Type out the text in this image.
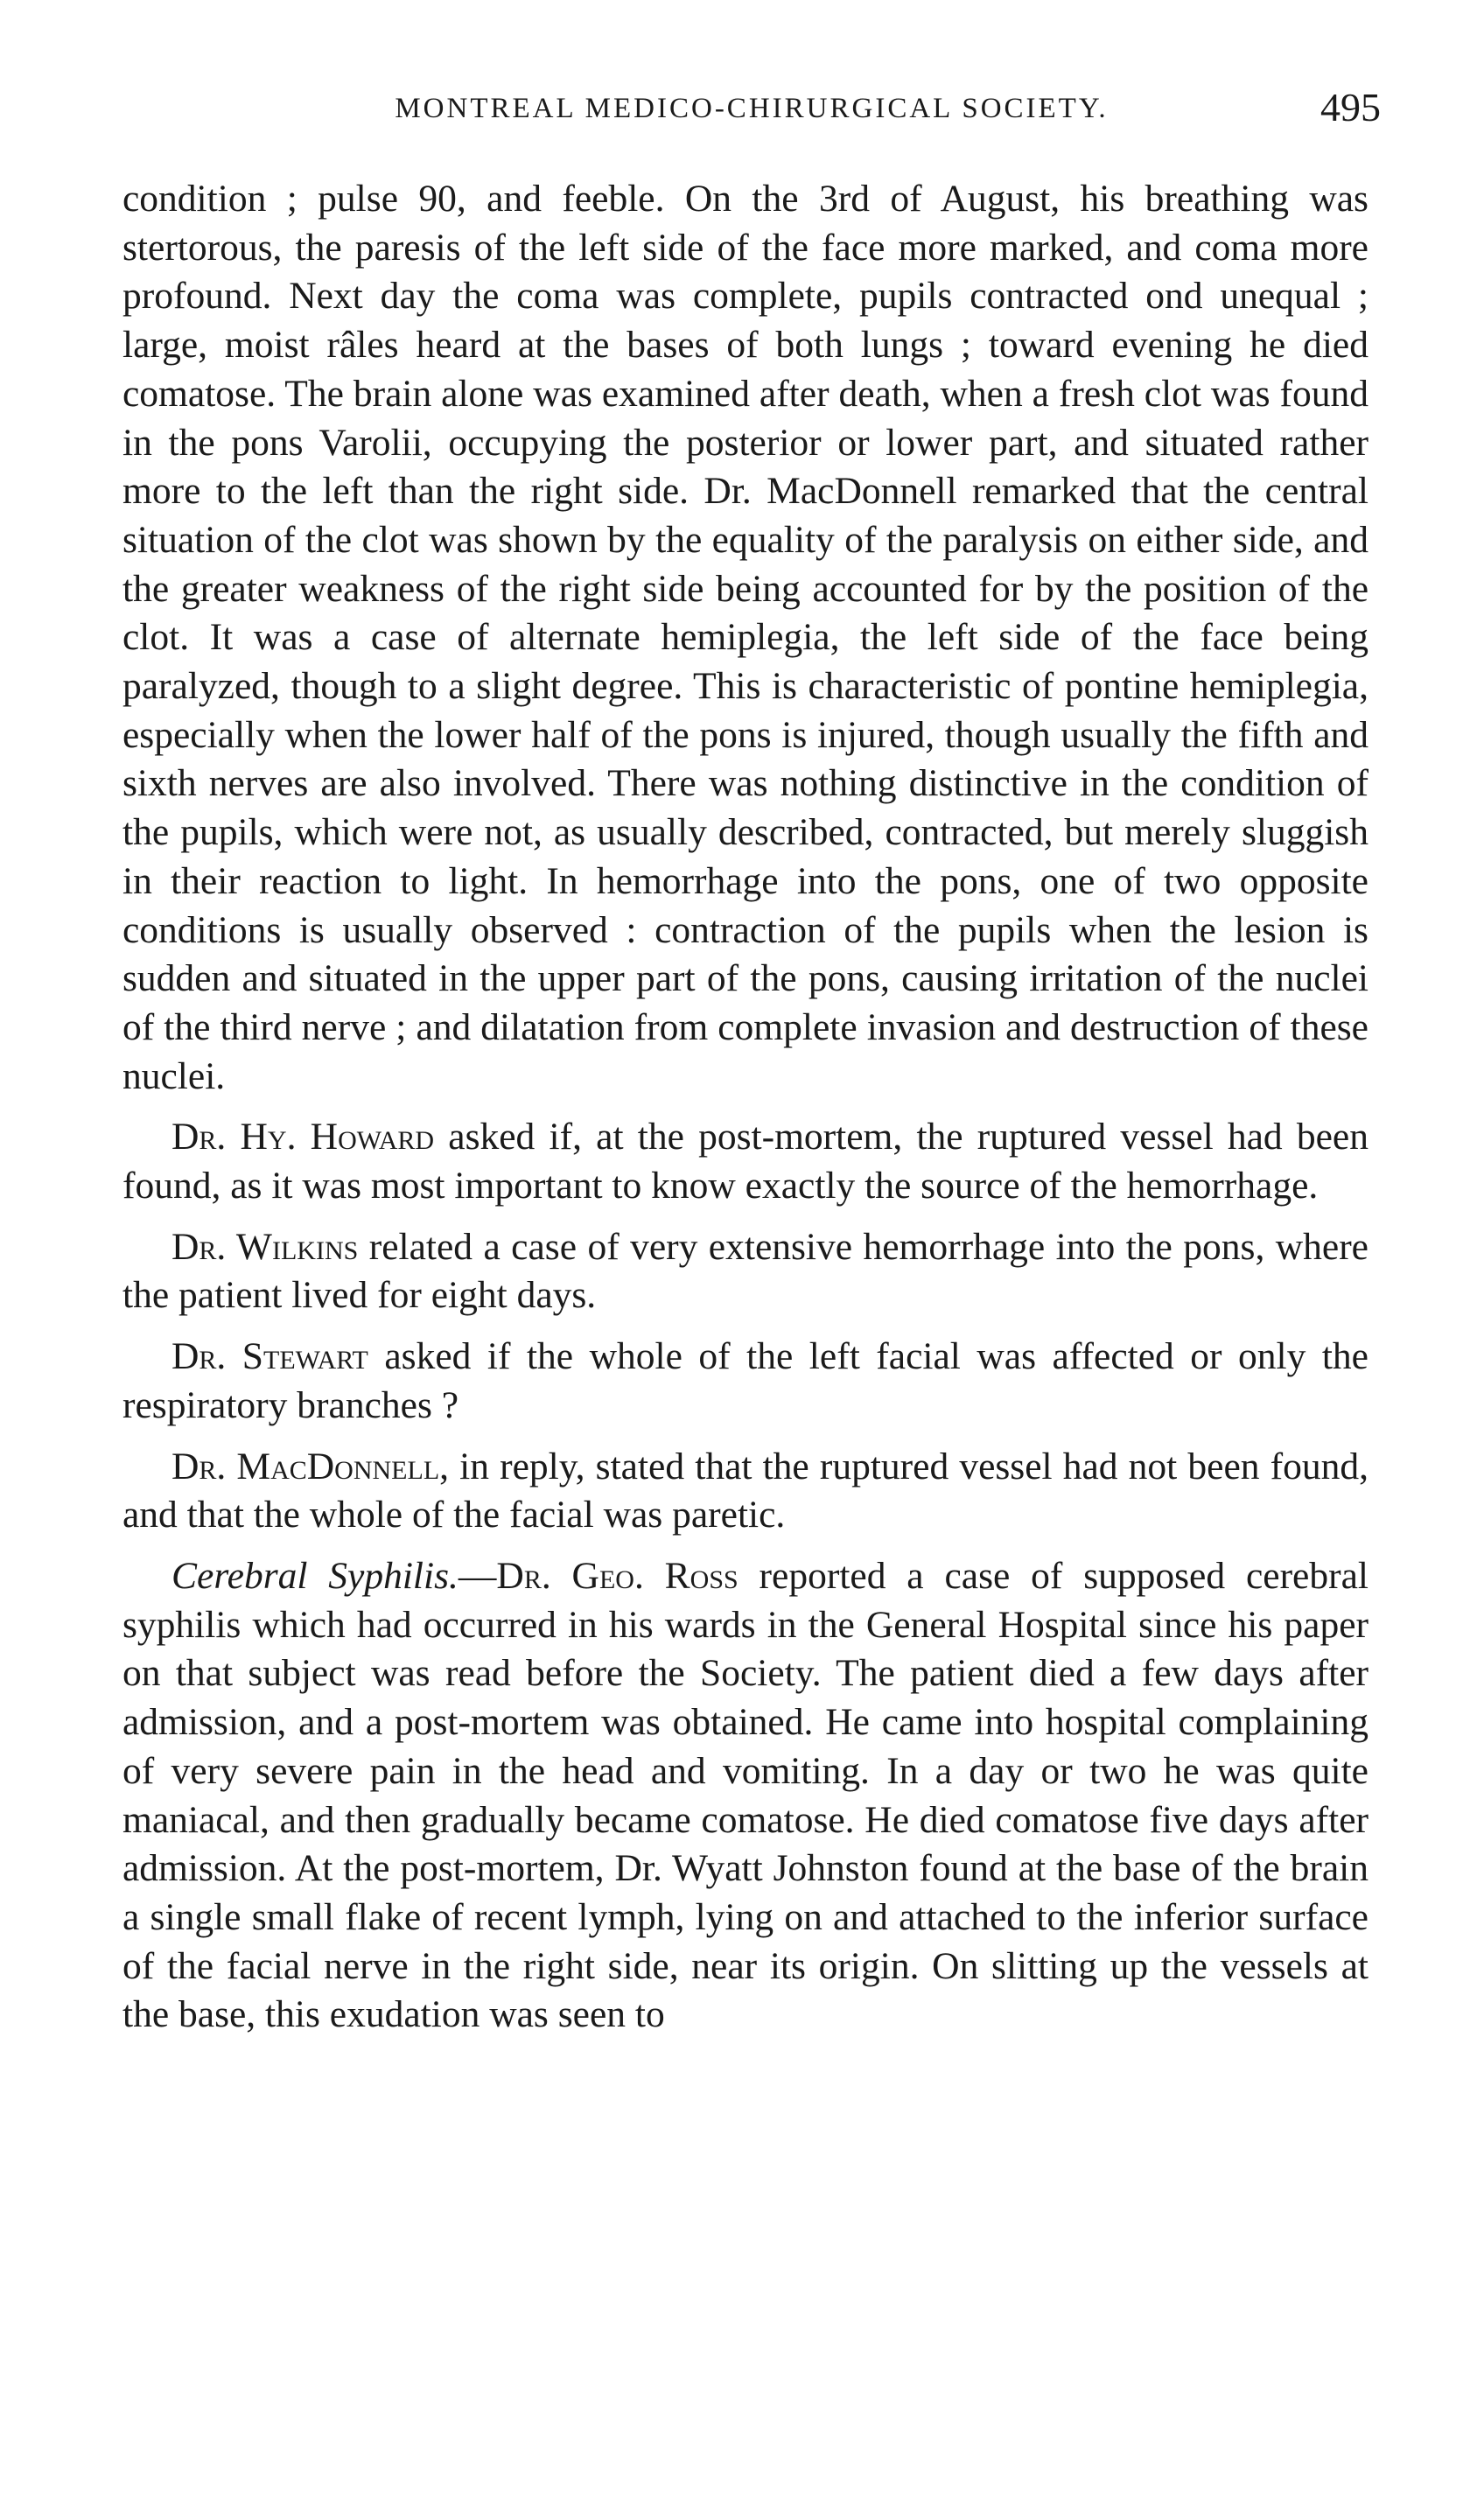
MONTREAL MEDICO-CHIRURGICAL SOCIETY.	495

condition ; pulse 90, and feeble. On the 3rd of August, his breathing was stertorous, the paresis of the left side of the face more marked, and coma more profound. Next day the coma was complete, pupils contracted ond unequal ; large, moist râles heard at the bases of both lungs ; toward evening he died comatose. The brain alone was examined after death, when a fresh clot was found in the pons Varolii, occupying the posterior or lower part, and situated rather more to the left than the right side. Dr. MacDonnell remarked that the central situation of the clot was shown by the equality of the paralysis on either side, and the greater weakness of the right side being accounted for by the position of the clot. It was a case of alternate hemiplegia, the left side of the face being paralyzed, though to a slight degree. This is characteristic of pontine hemiplegia, especially when the lower half of the pons is injured, though usually the fifth and sixth nerves are also involved. There was nothing distinctive in the condition of the pupils, which were not, as usually described, contracted, but merely sluggish in their reaction to light. In hemorrhage into the pons, one of two opposite conditions is usually observed : contraction of the pupils when the lesion is sudden and situated in the upper part of the pons, causing irritation of the nuclei of the third nerve ; and dilatation from complete invasion and destruction of these nuclei.

Dr. Hy. Howard asked if, at the post-mortem, the ruptured vessel had been found, as it was most important to know exactly the source of the hemorrhage.

Dr. Wilkins related a case of very extensive hemorrhage into the pons, where the patient lived for eight days.

Dr. Stewart asked if the whole of the left facial was affected or only the respiratory branches ?

Dr. MacDonnell, in reply, stated that the ruptured vessel had not been found, and that the whole of the facial was paretic.

Cerebral Syphilis.—Dr. Geo. Ross reported a case of supposed cerebral syphilis which had occurred in his wards in the General Hospital since his paper on that subject was read before the Society. The patient died a few days after admission, and a post-mortem was obtained. He came into hospital complaining of very severe pain in the head and vomiting. In a day or two he was quite maniacal, and then gradually became comatose. He died comatose five days after admission. At the post-mortem, Dr. Wyatt Johnston found at the base of the brain a single small flake of recent lymph, lying on and attached to the inferior surface of the facial nerve in the right side, near its origin. On slitting up the vessels at the base, this exudation was seen to
